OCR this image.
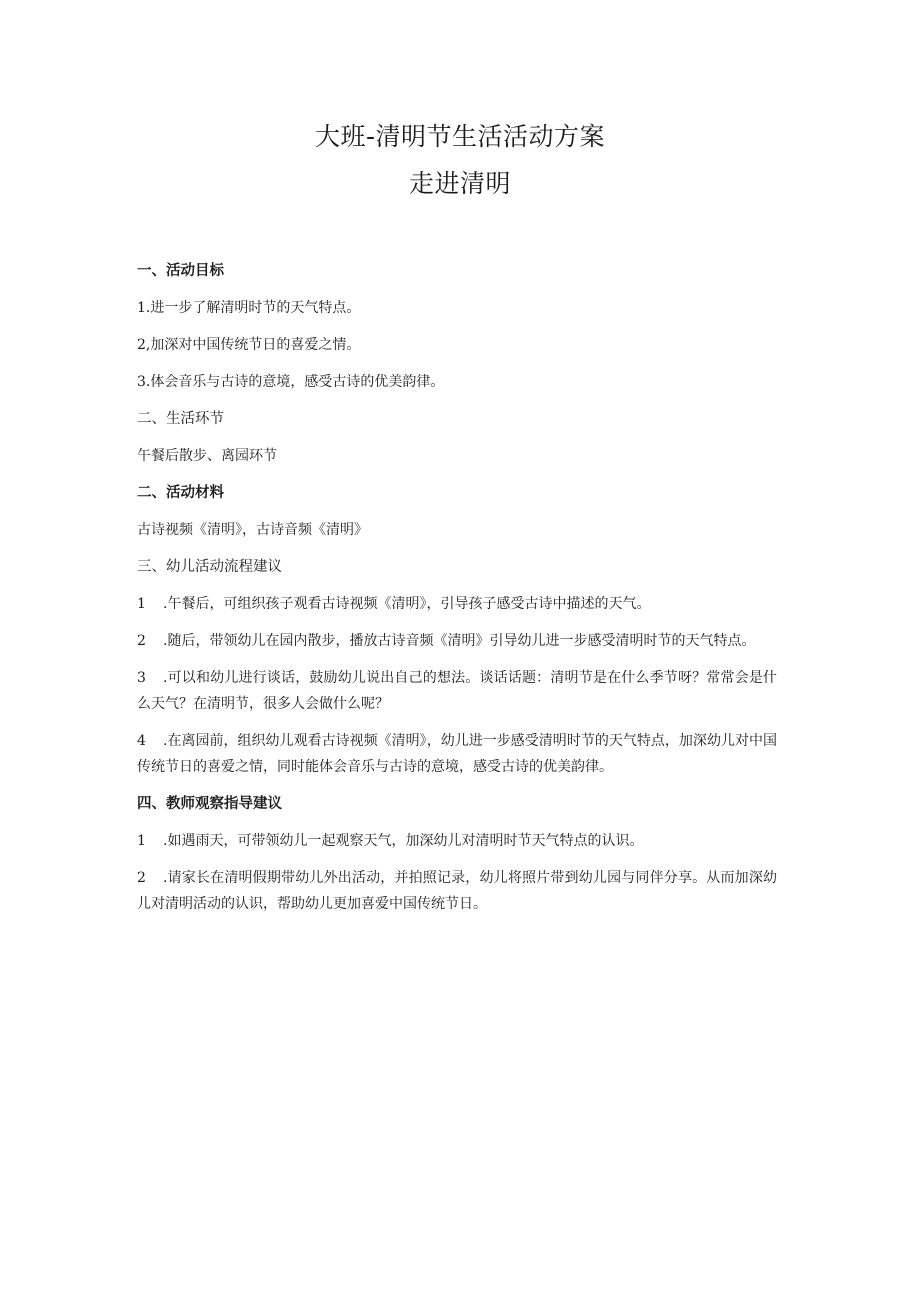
大班-清明节生活活动方案
走进清明

一、活动目标

1.进一步了解清明时节的天气特点。

2,加深对中国传统节日的喜爱之情。

3.体会音乐与古诗的意境，感受古诗的优美韵律。

二、生活环节

午餐后散步、离园环节

二、活动材料

古诗视频《清明》，古诗音频《清明》

三、幼儿活动流程建议

1 .午餐后，可组织孩子观看古诗视频《清明》，引导孩子感受古诗中描述的天气。

2 .随后，带领幼儿在园内散步，播放古诗音频《清明》引导幼儿进一步感受清明时节的天气特点。

3 .可以和幼儿进行谈话，鼓励幼儿说出自己的想法。谈话话题：清明节是在什么季节呀？常常会是什么天气？在清明节，很多人会做什么呢？

4 .在离园前，组织幼儿观看古诗视频《清明》，幼儿进一步感受清明时节的天气特点，加深幼儿对中国传统节日的喜爱之情，同时能体会音乐与古诗的意境，感受古诗的优美韵律。

四、教师观察指导建议

1 .如遇雨天，可带领幼儿一起观察天气，加深幼儿对清明时节天气特点的认识。

2 .请家长在清明假期带幼儿外出活动，并拍照记录，幼儿将照片带到幼儿园与同伴分享。从而加深幼儿对清明活动的认识，帮助幼儿更加喜爱中国传统节日。
